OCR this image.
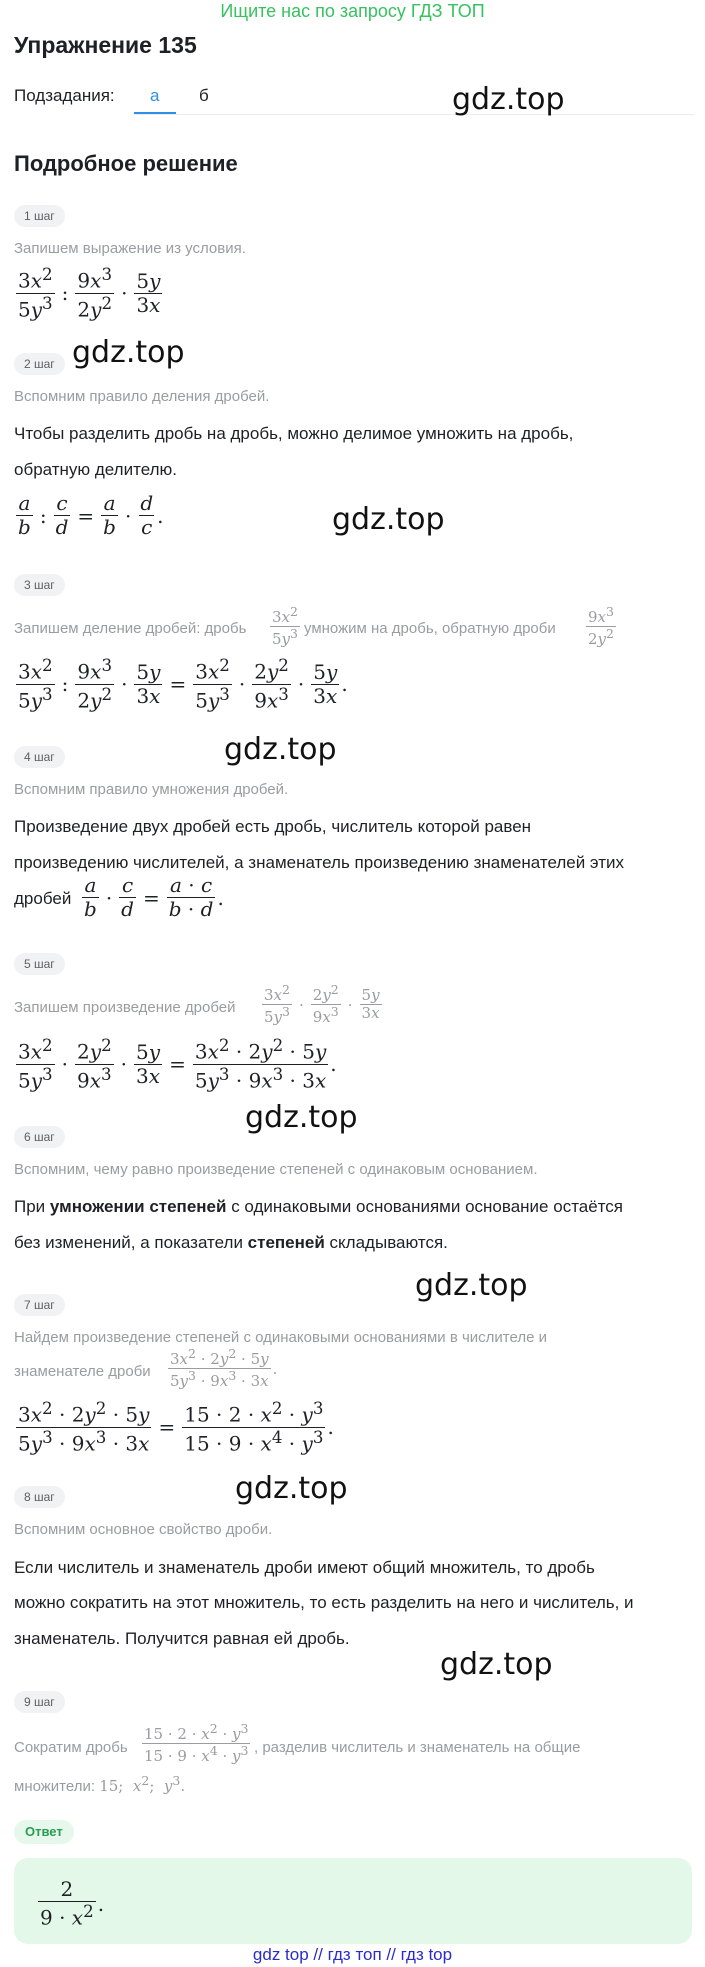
Ищите нас по запросу ГДЗ ТОП
Упражнение 135
Подзадания: а б
Подробное решение
gdz.top
gdz.top
gdz.top
gdz.top
gdz.top
gdz.top
gdz.top
gdz.top
1 шаг
Запишем выражение из условия.
$\frac{3x^2}{5y^3}$ : $\frac{9x^3}{2y^2} \cdot \frac{5y}{3x}$
2 шаг
Вспомним правило деления дробей.
Чтобы разделить дробь на дробь, можно делимое умножить на дробь,
обратную делителю.
$\frac{a}{b}$ : $\frac{c}{d} = \frac{a}{b} \cdot \frac{d}{c}$ .
3 шаг
Запишем деление дробей: дробь $\frac{3x^2}{5y^3}$ умножим на дробь, обратную дроби $\frac{9x^3}{2y^2}$
$\frac{3x^2}{5y^3}$ : $\frac{9x^3}{2y^2} \cdot \frac{5y}{3x} = \frac{3x^2}{5y^3} \cdot \frac{2y^2}{9x^3} \cdot \frac{5y}{3x}$ .
4 шаг
Вспомним правило умножения дробей.
Произведение двух дробей есть дробь, числитель которой равен
произведению числителей, а знаменатель произведению знаменателей этих
дробей $\frac{a}{b} \cdot \frac{c}{d} = \frac{a \cdot c}{b \cdot d}$ .
5 шаг
Запишем произведение дробей $\frac{3x^2}{5y^3} \cdot \frac{2y^2}{9x^3} \cdot \frac{5y}{3x}$
$\frac{3x^2}{5y^3} \cdot \frac{2y^2}{9x^3} \cdot \frac{5y}{3x} = \frac{3x^2 \cdot 2y^2 \cdot 5y}{5y^3 \cdot 9x^3 \cdot 3x}$ .
6 шаг
Вспомним, чему равно произведение степеней с одинаковым основанием.
При умножении степеней с одинаковыми основаниями основание остаётся
без изменений, а показатели степеней складываются.
7 шаг
Найдем произведение степеней с одинаковыми основаниями в числителе и
знаменателе дроби $\frac{3x^2 \cdot 2y^2 \cdot 5y}{5y^3 \cdot 9x^3 \cdot 3x}$ .
$\frac{3x^2 \cdot 2y^2 \cdot 5y}{5y^3 \cdot 9x^3 \cdot 3x} = \frac{15 \cdot 2 \cdot x^2 \cdot y^3}{15 \cdot 9 \cdot x^4 \cdot y^3}$ .
8 шаг
Вспомним основное свойство дроби.
Если числитель и знаменатель дроби имеют общий множитель, то дробь
можно сократить на этот множитель, то есть разделить на него и числитель, и
знаменатель. Получится равная ей дробь.
9 шаг
Сократим дробь $\frac{15 \cdot 2 \cdot x^2 \cdot y^3}{15 \cdot 9 \cdot x^4 \cdot y^3}$ , разделив числитель и знаменатель на общие
множители: 15;  $x^2$;  $y^3$.
Ответ
$\frac{2}{9 \cdot x^2}$ .
gdz top // гдз топ // гдз top
